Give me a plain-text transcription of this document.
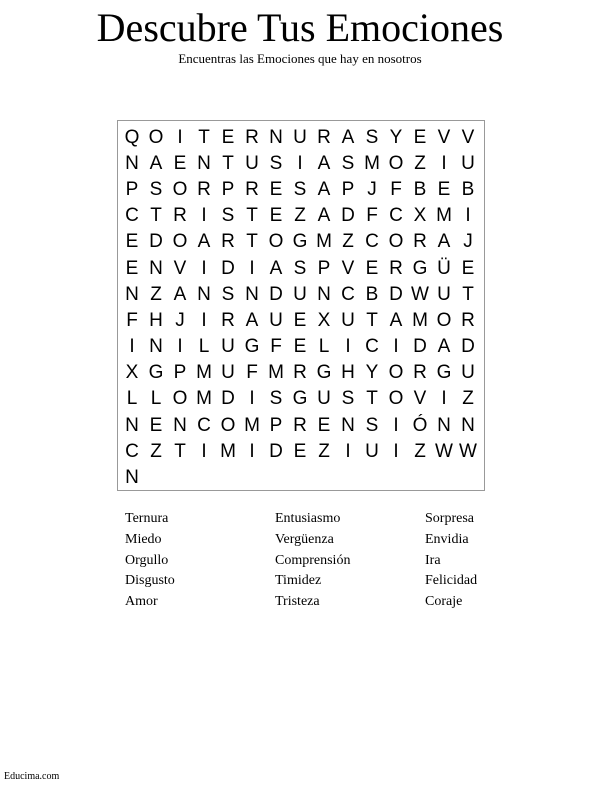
Descubre Tus Emociones
Encuentras las Emociones que hay en nosotros
Q O I T E R N U R A S Y E V V
N A E N T U S I A S M O Z I U
P S O R P R E S A P J F B E B
C T R I S T E Z A D F C X M I
E D O A R T O G M Z C O R A J
E N V I D I A S P V E R G Ü E
N Z A N S N D U N C B D W U T
F H J I R A U E X U T A M O R
I N I L U G F E L I C I D A D
X G P M U F M R G H Y O R G U
L L O M D I S G U S T O V I Z
N E N C O M P R E N S I Ó N N
C Z T I M I D E Z I U I Z W W
N
Ternura	Entusiasmo	Sorpresa
Miedo	Vergüenza	Envidia
Orgullo	Comprensión	Ira
Disgusto	Timidez	Felicidad
Amor	Tristeza	Coraje
Educima.com
